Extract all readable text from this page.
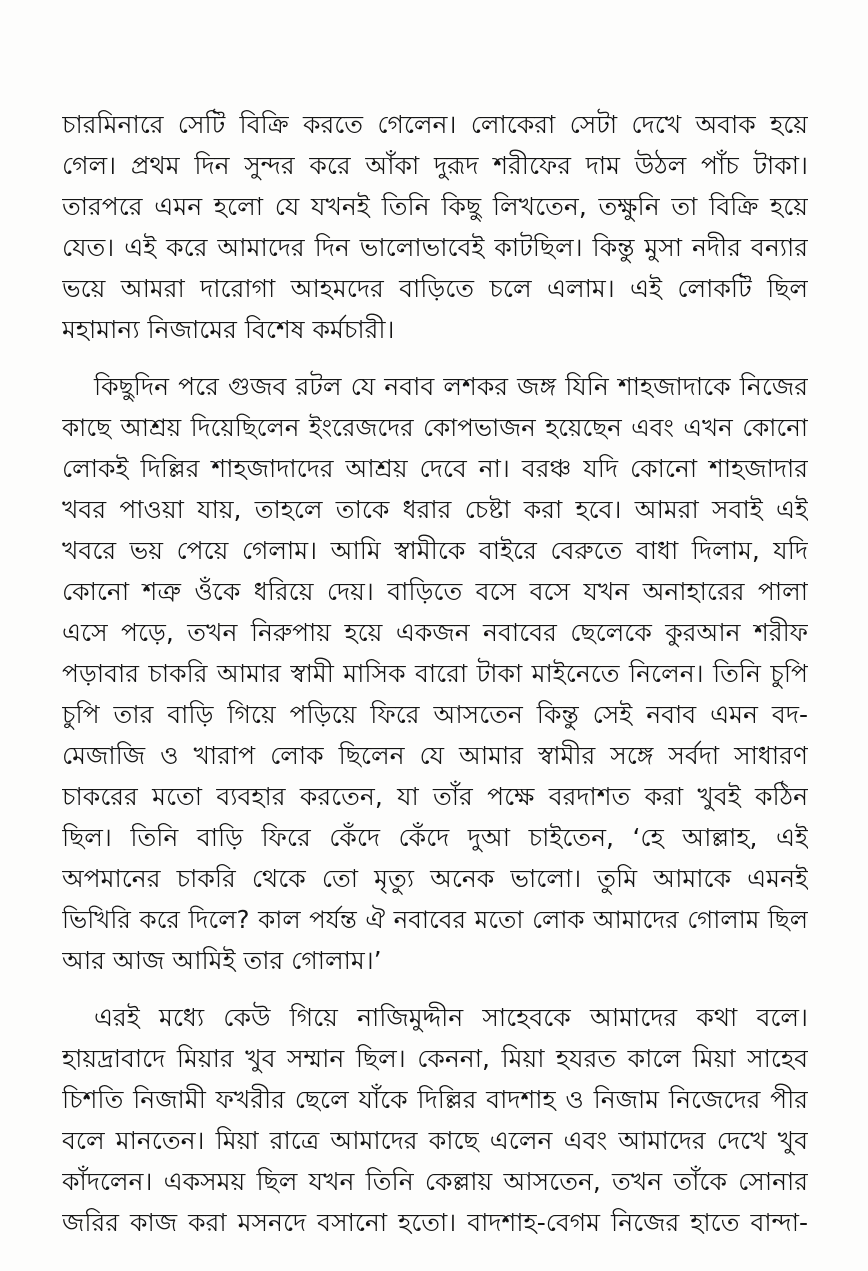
চারমিনারে সেটি বিক্রি করতে গেলেন। লোকেরা সেটা দেখে অবাক হয়ে
গেল। প্রথম দিন সুন্দর করে আঁকা দুরূদ শরীফের দাম উঠল পাঁচ টাকা।
তারপরে এমন হলো যে যখনই তিনি কিছু লিখতেন, তক্ষুনি তা বিক্রি হয়ে
যেত। এই করে আমাদের দিন ভালোভাবেই কাটছিল। কিন্তু মুসা নদীর বন্যার
ভয়ে আমরা দারোগা আহমদের বাড়িতে চলে এলাম। এই লোকটি ছিল
মহামান্য নিজামের বিশেষ কর্মচারী।
কিছুদিন পরে গুজব রটল যে নবাব লশকর জঙ্গ যিনি শাহজাদাকে নিজের
কাছে আশ্রয় দিয়েছিলেন ইংরেজদের কোপভাজন হয়েছেন এবং এখন কোনো
লোকই দিল্লির শাহজাদাদের আশ্রয় দেবে না। বরঞ্চ যদি কোনো শাহজাদার
খবর পাওয়া যায়, তাহলে তাকে ধরার চেষ্টা করা হবে। আমরা সবাই এই
খবরে ভয় পেয়ে গেলাম। আমি স্বামীকে বাইরে বেরুতে বাধা দিলাম, যদি
কোনো শত্রু ওঁকে ধরিয়ে দেয়। বাড়িতে বসে বসে যখন অনাহারের পালা
এসে পড়ে, তখন নিরুপায় হয়ে একজন নবাবের ছেলেকে কুরআন শরীফ
পড়াবার চাকরি আমার স্বামী মাসিক বারো টাকা মাইনেতে নিলেন। তিনি চুপি
চুপি তার বাড়ি গিয়ে পড়িয়ে ফিরে আসতেন কিন্তু সেই নবাব এমন বদ-
মেজাজি ও খারাপ লোক ছিলেন যে আমার স্বামীর সঙ্গে সর্বদা সাধারণ
চাকরের মতো ব্যবহার করতেন, যা তাঁর পক্ষে বরদাশত করা খুবই কঠিন
ছিল। তিনি বাড়ি ফিরে কেঁদে কেঁদে দুআ চাইতেন, ‘হে আল্লাহ, এই
অপমানের চাকরি থেকে তো মৃত্যু অনেক ভালো। তুমি আমাকে এমনই
ভিখিরি করে দিলে? কাল পর্যন্ত ঐ নবাবের মতো লোক আমাদের গোলাম ছিল
আর আজ আমিই তার গোলাম।’
এরই মধ্যে কেউ গিয়ে নাজিমুদ্দীন সাহেবকে আমাদের কথা বলে।
হায়দ্রাবাদে মিয়ার খুব সম্মান ছিল। কেননা, মিয়া হযরত কালে মিয়া সাহেব
চিশতি নিজামী ফখরীর ছেলে যাঁকে দিল্লির বাদশাহ ও নিজাম নিজেদের পীর
বলে মানতেন। মিয়া রাত্রে আমাদের কাছে এলেন এবং আমাদের দেখে খুব
কাঁদলেন। একসময় ছিল যখন তিনি কেল্লায় আসতেন, তখন তাঁকে সোনার
জরির কাজ করা মসনদে বসানো হতো। বাদশাহ-বেগম নিজের হাতে বান্দা-
